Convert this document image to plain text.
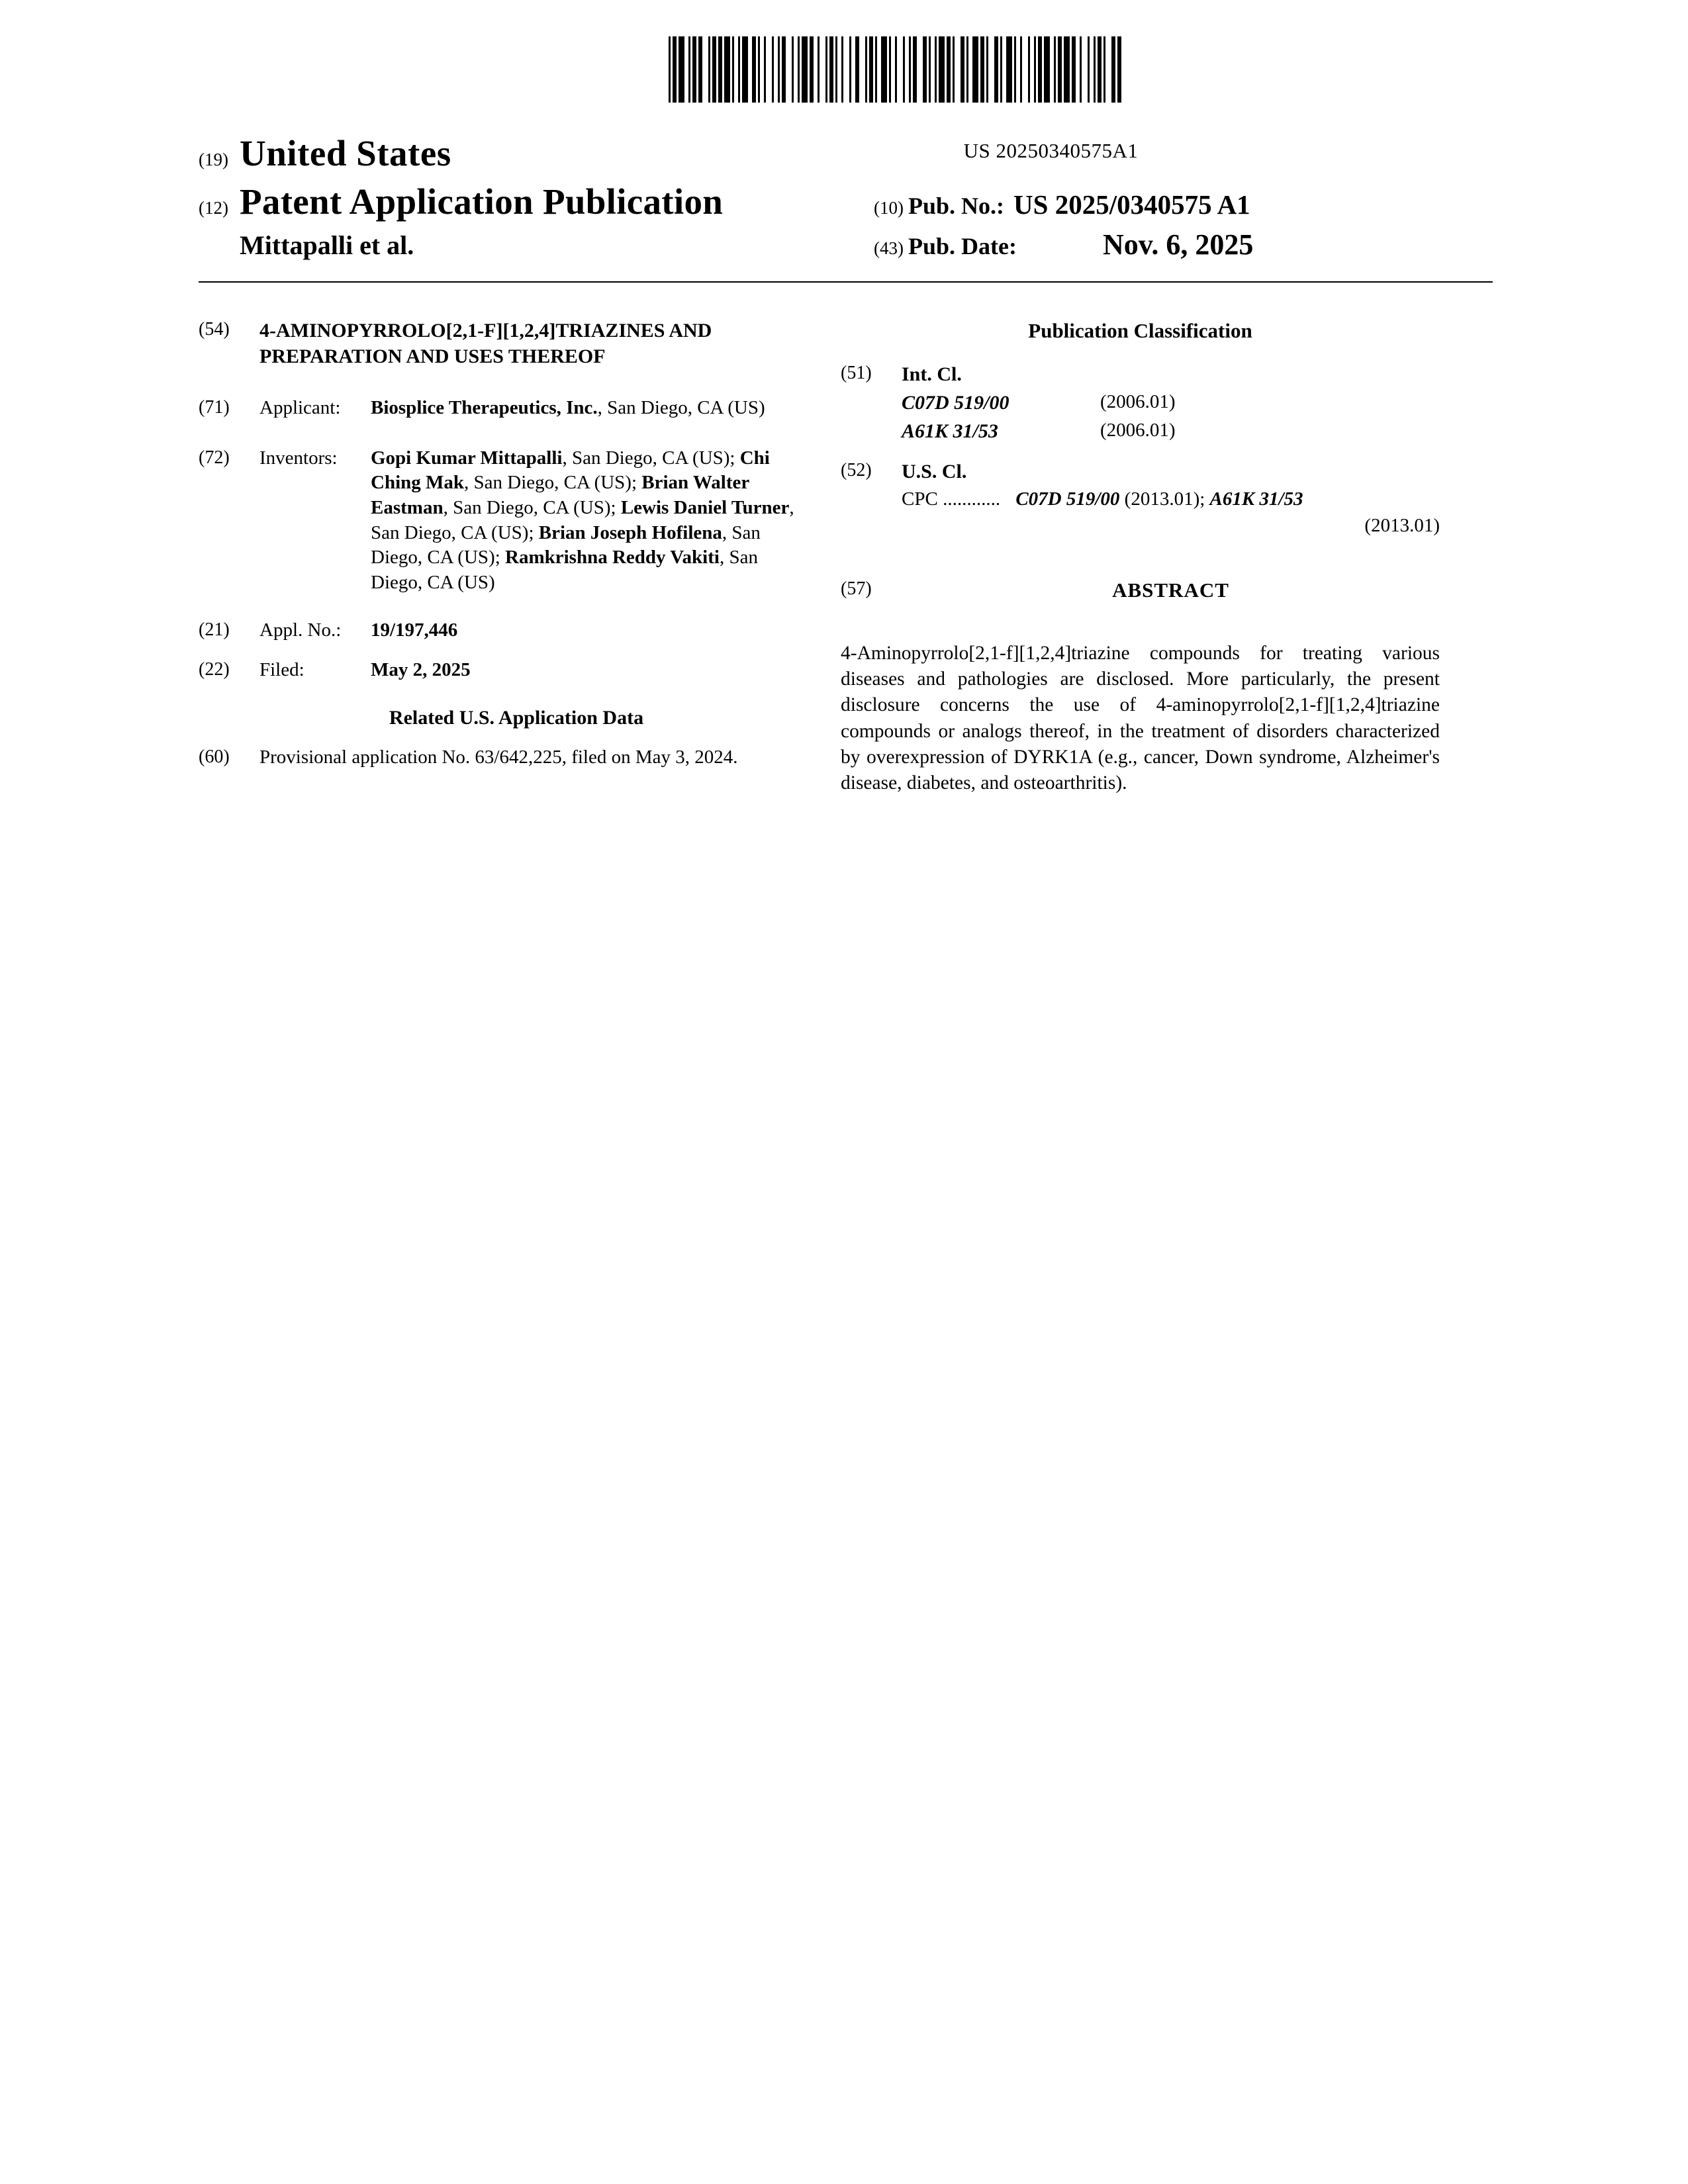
US 20250340575A1
(19) United States
(12) Patent Application Publication	(10) Pub. No.: US 2025/0340575 A1
Mittapalli et al.	(43) Pub. Date:	Nov. 6, 2025
(54)	4-AMINOPYRROLO[2,1-F][1,2,4]TRIAZINES AND PREPARATION AND USES THEREOF
(71)	Applicant:	Biosplice Therapeutics, Inc., San Diego, CA (US)
(72)	Inventors:	Gopi Kumar Mittapalli, San Diego, CA (US); Chi Ching Mak, San Diego, CA (US); Brian Walter Eastman, San Diego, CA (US); Lewis Daniel Turner, San Diego, CA (US); Brian Joseph Hofilena, San Diego, CA (US); Ramkrishna Reddy Vakiti, San Diego, CA (US)
(21)	Appl. No.:	19/197,446
(22)	Filed:	May 2, 2025
Related U.S. Application Data
(60)	Provisional application No. 63/642,225, filed on May 3, 2024.
Publication Classification
(51)	Int. Cl.
C07D 519/00	(2006.01)
A61K 31/53	(2006.01)
(52)	U.S. Cl.
CPC ............ C07D 519/00 (2013.01); A61K 31/53
(2013.01)
(57)	ABSTRACT
4-Aminopyrrolo[2,1-f][1,2,4]triazine compounds for treating various diseases and pathologies are disclosed. More particularly, the present disclosure concerns the use of 4-aminopyrrolo[2,1-f][1,2,4]triazine compounds or analogs thereof, in the treatment of disorders characterized by overexpression of DYRK1A (e.g., cancer, Down syndrome, Alzheimer's disease, diabetes, and osteoarthritis).
